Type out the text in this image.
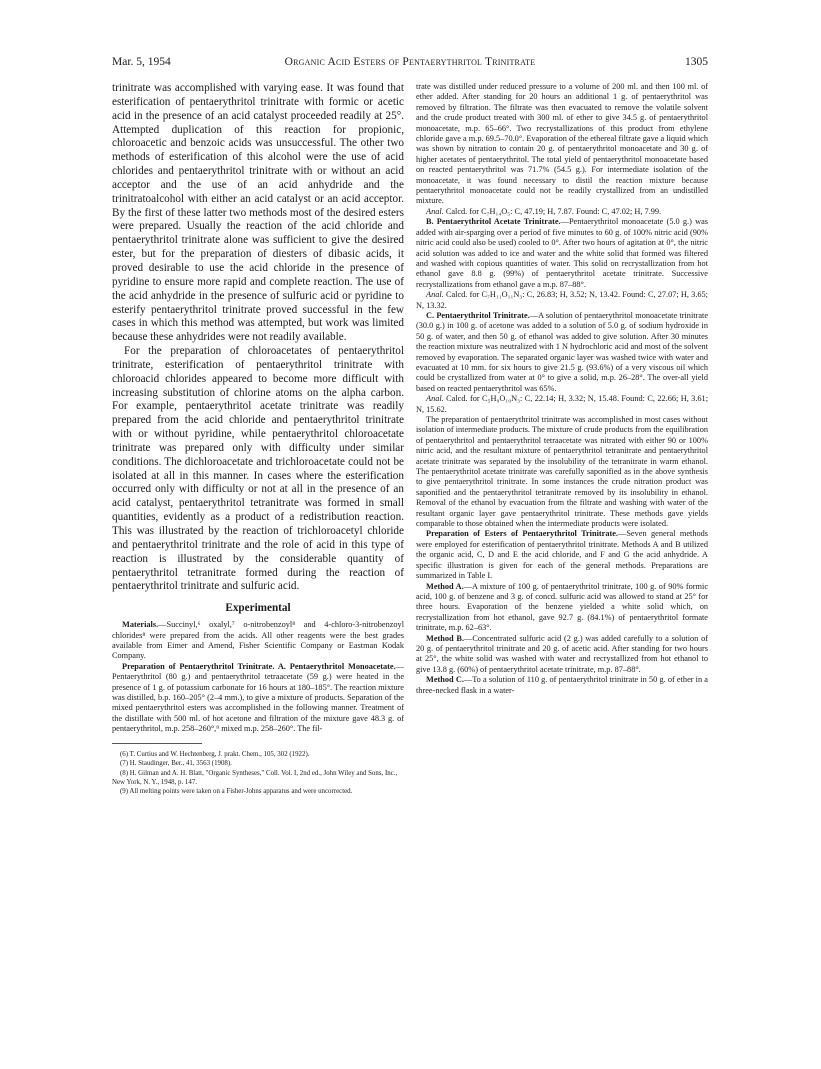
Mar. 5, 1954	Organic Acid Esters of Pentaerythritol Trinitrate	1305

trinitrate was accomplished with varying ease. It was found that esterification of pentaerythritol trinitrate with formic or acetic acid in the presence of an acid catalyst proceeded readily at 25°. Attempted duplication of this reaction for propionic, chloroacetic and benzoic acids was unsuccessful. The other two methods of esterification of this alcohol were the use of acid chlorides and pentaerythritol trinitrate with or without an acid acceptor and the use of an acid anhydride and the trinitratoalcohol with either an acid catalyst or an acid acceptor. By the first of these latter two methods most of the desired esters were prepared. Usually the reaction of the acid chloride and pentaerythritol trinitrate alone was sufficient to give the desired ester, but for the preparation of diesters of dibasic acids, it proved desirable to use the acid chloride in the presence of pyridine to ensure more rapid and complete reaction. The use of the acid anhydride in the presence of sulfuric acid or pyridine to esterify pentaerythritol trinitrate proved successful in the few cases in which this method was attempted, but work was limited because these anhydrides were not readily available.

For the preparation of chloroacetates of pentaerythritol trinitrate, esterification of pentaerythritol trinitrate with chloroacid chlorides appeared to become more difficult with increasing substitution of chlorine atoms on the alpha carbon. For example, pentaerythritol acetate trinitrate was readily prepared from the acid chloride and pentaerythritol trinitrate with or without pyridine, while pentaerythritol chloroacetate trinitrate was prepared only with difficulty under similar conditions. The dichloroacetate and trichloroacetate could not be isolated at all in this manner. In cases where the esterification occurred only with difficulty or not at all in the presence of an acid catalyst, pentaerythritol tetranitrate was formed in small quantities, evidently as a product of a redistribution reaction. This was illustrated by the reaction of trichloroacetyl chloride and pentaerythritol trinitrate and the role of acid in this type of reaction is illustrated by the considerable quantity of pentaerythritol tetranitrate formed during the reaction of pentaerythritol trinitrate and sulfuric acid.

Experimental

Materials.—Succinyl,⁶ oxalyl,⁷ o-nitrobenzoyl⁸ and 4-chloro-3-nitrobenzoyl chlorides⁸ were prepared from the acids. All other reagents were the best grades available from Eimer and Amend, Fisher Scientific Company or Eastman Kodak Company.

Preparation of Pentaerythritol Trinitrate. A. Pentaerythritol Monoacetate.—Pentaerythritol (80 g.) and pentaerythritol tetraacetate (59 g.) were heated in the presence of 1 g. of potassium carbonate for 16 hours at 180–185°. The reaction mixture was distilled, b.p. 160–205° (2–4 mm.), to give a mixture of products. Separation of the mixed pentaerythritol esters was accomplished in the following manner. Treatment of the distillate with 500 ml. of hot acetone and filtration of the mixture gave 48.3 g. of pentaerythritol, m.p. 258–260°,⁹ mixed m.p. 258–260°. The fil-

(6) T. Curtius and W. Hechtenberg, J. prakt. Chem., 105, 302 (1922).

(7) H. Staudinger, Ber., 41, 3563 (1908).

(8) H. Gilman and A. H. Blatt, "Organic Syntheses," Coll. Vol. I, 2nd ed., John Wiley and Sons, Inc., New York, N. Y., 1948, p. 147.

(9) All melting points were taken on a Fisher-Johns apparatus and were uncorrected.

trate was distilled under reduced pressure to a volume of 200 ml. and then 100 ml. of ether added. After standing for 20 hours an additional 1 g. of pentaerythritol was removed by filtration. The filtrate was then evacuated to remove the volatile solvent and the crude product treated with 300 ml. of ether to give 34.5 g. of pentaerythritol monoacetate, m.p. 65–66°. Two recrystallizations of this product from ethylene chloride gave a m.p. 69.5–70.0°. Evaporation of the ethereal filtrate gave a liquid which was shown by nitration to contain 20 g. of pentaerythritol monoacetate and 30 g. of higher acetates of pentaerythritol. The total yield of pentaerythritol monoacetate based on reacted pentaerythritol was 71.7% (54.5 g.). For intermediate isolation of the monoacetate, it was found necessary to distil the reaction mixture because pentaerythritol monoacetate could not be readily crystallized from an undistilled mixture.

Anal. Calcd. for C₇H₁₄O₅: C, 47.19; H, 7.87. Found: C, 47.02; H, 7.99.

B. Pentaerythritol Acetate Trinitrate.—Pentaerythritol monoacetate (5.0 g.) was added with air-sparging over a period of five minutes to 60 g. of 100% nitric acid (90% nitric acid could also be used) cooled to 0°. After two hours of agitation at 0°, the nitric acid solution was added to ice and water and the white solid that formed was filtered and washed with copious quantities of water. This solid on recrystallization from hot ethanol gave 8.8 g. (99%) of pentaerythritol acetate trinitrate. Successive recrystallizations from ethanol gave a m.p. 87–88°.

Anal. Calcd. for C₇H₁₁O₁₁N₃: C, 26.83; H, 3.52; N, 13.42. Found: C, 27.07; H, 3.65; N, 13.32.

C. Pentaerythritol Trinitrate.—A solution of pentaerythritol monoacetate trinitrate (30.0 g.) in 100 g. of acetone was added to a solution of 5.0 g. of sodium hydroxide in 50 g. of water, and then 50 g. of ethanol was added to give solution. After 30 minutes the reaction mixture was neutralized with 1 N hydrochloric acid and most of the solvent removed by evaporation. The separated organic layer was washed twice with water and evacuated at 10 mm. for six hours to give 21.5 g. (93.6%) of a very viscous oil which could be crystallized from water at 0° to give a solid, m.p. 26–28°. The over-all yield based on reacted pentaerythritol was 65%.

Anal. Calcd. for C₅H₉O₁₀N₃: C, 22.14; H, 3.32; N, 15.48. Found: C, 22.66; H, 3.61; N, 15.62.

The preparation of pentaerythritol trinitrate was accomplished in most cases without isolation of intermediate products. The mixture of crude products from the equilibration of pentaerythritol and pentaerythritol tetraacetate was nitrated with either 90 or 100% nitric acid, and the resultant mixture of pentaerythritol tetranitrate and pentaerythritol acetate trinitrate was separated by the insolubility of the tetranitrate in warm ethanol. The pentaerythritol acetate trinitrate was carefully saponified as in the above synthesis to give pentaerythritol trinitrate. In some instances the crude nitration product was saponified and the pentaerythritol tetranitrate removed by its insolubility in ethanol. Removal of the ethanol by evacuation from the filtrate and washing with water of the resultant organic layer gave pentaerythritol trinitrate. These methods gave yields comparable to those obtained when the intermediate products were isolated.

Preparation of Esters of Pentaerythritol Trinitrate.—Seven general methods were employed for esterification of pentaerythritol trinitrate. Methods A and B utilized the organic acid, C, D and E the acid chloride, and F and G the acid anhydride. A specific illustration is given for each of the general methods. Preparations are summarized in Table I.

Method A.—A mixture of 100 g. of pentaerythritol trinitrate, 100 g. of 90% formic acid, 100 g. of benzene and 3 g. of concd. sulfuric acid was allowed to stand at 25° for three hours. Evaporation of the benzene yielded a white solid which, on recrystallization from hot ethanol, gave 92.7 g. (84.1%) of pentaerythritol formate trinitrate, m.p. 62–63°.

Method B.—Concentrated sulfuric acid (2 g.) was added carefully to a solution of 20 g. of pentaerythritol trinitrate and 20 g. of acetic acid. After standing for two hours at 25°, the white solid was washed with water and recrystallized from hot ethanol to give 13.8 g. (60%) of pentaerythritol acetate trinitrate, m.p. 87–88°.

Method C.—To a solution of 110 g. of pentaerythritol trinitrate in 50 g. of ether in a three-necked flask in a water-
